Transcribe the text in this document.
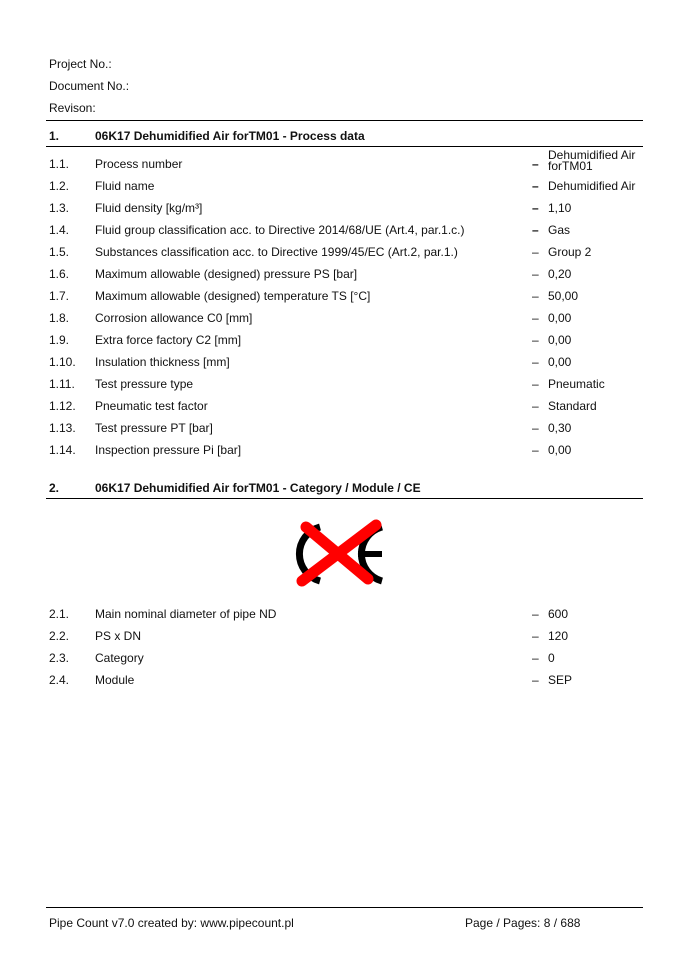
Project No.:
Document No.:
Revison:
1.	06K17 Dehumidified Air forTM01 - Process data
1.1. Process number	–
Dehumidified Air
forTM01
1.2. Fluid name	– Dehumidified Air
1.3. Fluid density [kg/m³]	– 1,10
1.4. Fluid group classification acc. to Directive 2014/68/UE (Art.4, par.1.c.)	– Gas
1.5. Substances classification acc. to Directive 1999/45/EC (Art.2, par.1.)	– Group 2
1.6. Maximum allowable (designed) pressure PS [bar]	– 0,20
1.7. Maximum allowable (designed) temperature TS [°C]	– 50,00
1.8. Corrosion allowance C0 [mm]	– 0,00
1.9. Extra force factory C2 [mm]	– 0,00
1.10. Insulation thickness [mm]	– 0,00
1.11. Test pressure type	– Pneumatic
1.12. Pneumatic test factor	– Standard
1.13. Test pressure PT [bar]	– 0,30
1.14. Inspection pressure Pi [bar]	– 0,00
2.	06K17 Dehumidified Air forTM01 - Category / Module / CE
2.1. Main nominal diameter of pipe ND	– 600
2.2. PS x DN	– 120
2.3. Category	– 0
2.4. Module	– SEP
Pipe Count v7.0 created by: www.pipecount.pl	Page / Pages: 8 / 688
